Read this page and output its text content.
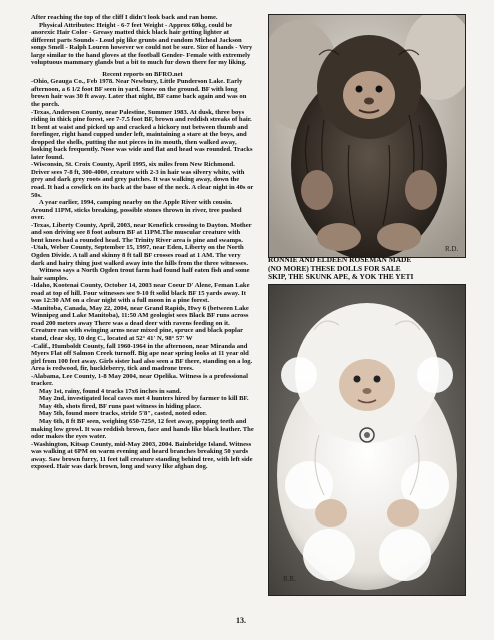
After reaching the top of the cliff I didn't look back and ran home.

Physical Attributes: Height - 6-7 feet Weight - Approx 60kg, could be anorexic Hair Color - Greasy matted thick black hair getting lighter at different parts Sounds - Loud pig like grunts and random Micheal Jackson songs Smell - Ralph Louren however we could not be sure. Size of hands - Very large similar to the hand gloves at the football Gender- Female with extremely voluptuous mammary glands but a bit to much fur down there for my liking.

Recent reports on BFRO.net

-Ohio, Geauga Co., Feb 1978. Near Newbury, Little Punderson Lake. Early afternoon, a 6 1/2 foot BF seen in yard. Snow on the ground. BF with long brown hair was 30 ft away. Later that night, BF came back again and was on the porch.

-Texas, Anderson County, near Palestine, Summer 1983. At dusk, three boys riding in thick pine forest, see 7-7.5 foot BF, brown and reddish streaks of hair. It bent at waist and picked up and cracked a hickory nut between thumb and forefinger, right hand cupped under left, maintaining a stare at the boys, and dropped the shells, putting the nut pieces in its mouth, then walked away, looking back frequently. Nose was wide and flat and head was rounded. Tracks later found.

-Wisconsin, St. Croix County, April 1995, six miles from New Richmond. Driver sees 7-8 ft, 300-400#, creature with 2-3 in hair was silvery white, with grey and dark grey roots and grey patches. It was walking away, down the road. It had a cowlick on its back at the base of the neck. A clear night in 40s or 50s.

A year earlier, 1994, camping nearby on the Apple River with cousin. Around 11PM, sticks breaking, possible stones thrown in river, tree pushed over.

-Texas, Liberty County, April, 2003, near Kenefick crossing to Dayton. Mother and son driving see 8 foot auburn BF at 11PM.The muscular creature with bent knees had a rounded head. The Trinity River area is pine and swamps.

-Utah, Weber County, September 15, 1997, near Eden, Liberty on the North Ogden Divide. A tall and skinny 8 ft tall BF crosses road at 1 AM. The very dark and hairy thing just walked away into the hills from the three witnesses.

Witness says a North Ogden trout farm had found half eaten fish and some hair samples.

-Idaho, Kootenai County, October 14, 2003 near Coeur D' Alene, Feman Lake road at top of hill. Four witnesses see 9-10 ft solid black BF 15 yards away. It was 12:30 AM on a clear night with a full moon in a pine forest.

-Manitoba, Canada, May 22, 2004, near Grand Rapids, Hwy 6 (between Lake Winnipeg and Lake Manitoba), 11:50 AM geologist sees Black BF runs across road 200 meters away There was a dead deer with ravens feeding on it. Creature ran with swinging arms near mixed pine, spruce and black poplar stand, clear sky, 10 deg C., located at 52° 41' N, 98° 57' W

-Calif., Humboldt County, fall 1960-1964 in the afternoon, near Miranda and Myers Flat off Salmon Creek turnoff. Big ape near spring looks at 11 year old girl from 100 feet away. Girls sister had also seen a BF there, standing on a log. Area is redwood, fir, huckleberry, tick and madrone trees.

-Alabama, Lee County, 1-8 May 2004, near Opelika. Witness is a professional tracker.

May 1st, rainy, found 4 tracks 17x6 inches in sand.

May 2nd, investigated local caves met 4 hunters hired by farmer to kill BF.

May 4th, shots fired, BF runs past witness in hiding place.

May 5th, found more tracks, stride 5'8", casted, noted odor.

May 6th, 8 ft BF seen, weighing 650-725#, 12 feet away, popping teeth and making low growl. It was reddish brown, face and hands like black leather. The odor makes the eyes water.

-Washington, Kitsap County, mid-May 2003, 2004. Bainbridge Island. Witness was walking at 6PM on warm evening and heard branches breaking 50 yards away. Saw brown furry, 11 feet tall creature standing behind tree, with left side exposed. Hair was dark brown, long and wavy like afghan dog.

R.D.
RONNIE AND ELDEEN ROSEMAN MADE
(NO MORE) THESE DOLLS FOR SALE
SKIP, THE SKUNK APE, & YOK THE YETI
R.R.
13.
